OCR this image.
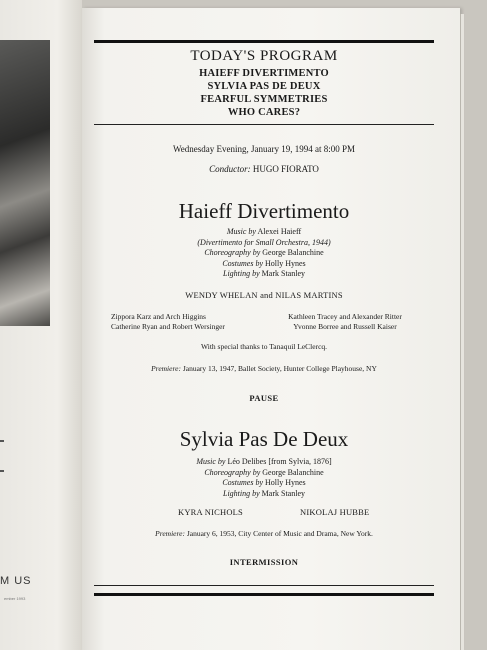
M US
ember 1993
TODAY'S PROGRAM
HAIEFF DIVERTIMENTO
SYLVIA PAS DE DEUX
FEARFUL SYMMETRIES
WHO CARES?
Wednesday Evening, January 19, 1994 at 8:00 PM
Conductor: HUGO FIORATO
Haieff Divertimento
Music by Alexei Haieff
(Divertimento for Small Orchestra, 1944)
Choreography by George Balanchine
Costumes by Holly Hynes
Lighting by Mark Stanley
WENDY WHELAN and NILAS MARTINS
Zippora Karz and Arch Higgins
Catherine Ryan and Robert Wersinger
Kathleen Tracey and Alexander Ritter
Yvonne Borree and Russell Kaiser
With special thanks to Tanaquil LeClercq.
Premiere: January 13, 1947, Ballet Society, Hunter College Playhouse, NY
PAUSE
Sylvia Pas De Deux
Music by Léo Delibes [from Sylvia, 1876]
Choreography by George Balanchine
Costumes by Holly Hynes
Lighting by Mark Stanley
KYRA NICHOLS	NIKOLAJ HUBBE
Premiere: January 6, 1953, City Center of Music and Drama, New York.
INTERMISSION
